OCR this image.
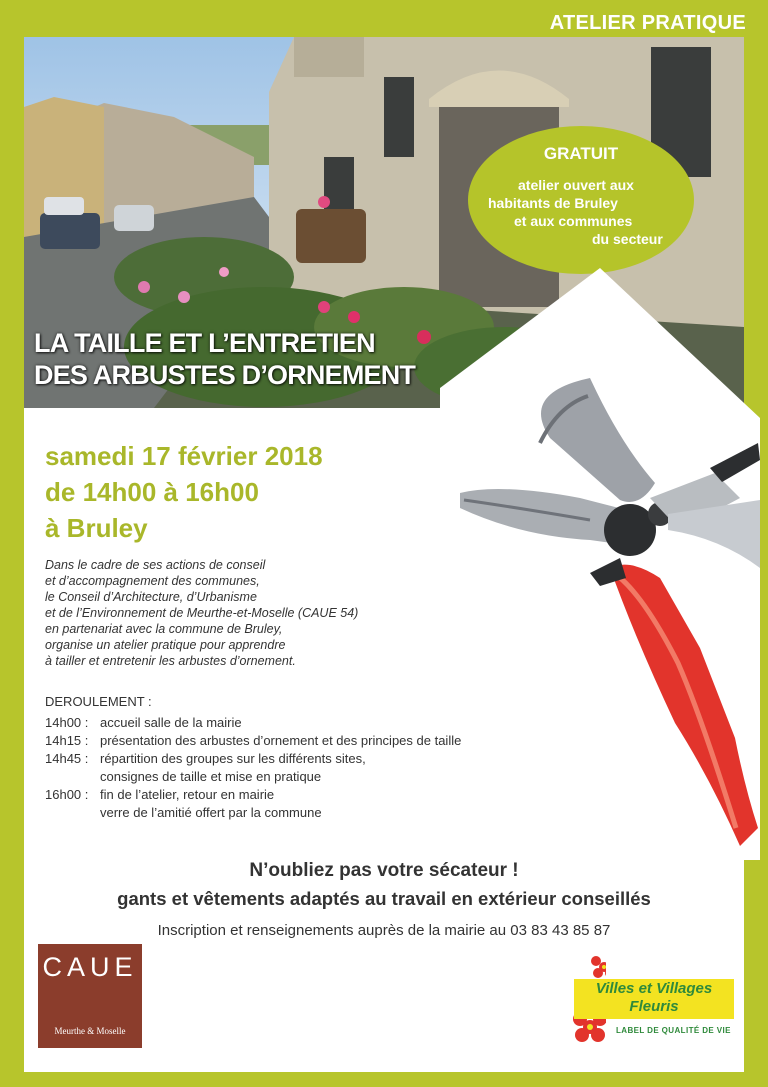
ATELIER PRATIQUE
LA TAILLE ET L’ENTRETIEN
DES ARBUSTES D’ORNEMENT
GRATUIT
atelier ouvert aux
habitants de Bruley
et aux communes
du secteur
samedi 17 février 2018
de 14h00 à 16h00
à Bruley
Dans le cadre de ses actions de conseil
et d’accompagnement des communes,
le Conseil d’Architecture, d’Urbanisme
et de l’Environnement de Meurthe-et-Moselle (CAUE 54)
en partenariat avec la commune de Bruley,
organise un atelier pratique pour apprendre
à tailler et entretenir les arbustes d’ornement.
DEROULEMENT :
14h00 : accueil salle de la mairie
14h15 : présentation des arbustes d’ornement et des principes de taille
14h45 : répartition des groupes sur les différents sites,
consignes de taille et mise en pratique
16h00 : fin de l’atelier, retour en mairie
verre de l’amitié offert par la commune
N’oubliez pas votre sécateur !
gants et vêtements adaptés au travail en extérieur conseillés
Inscription et renseignements auprès de la mairie au 03 83 43 85 87
CAUE
Meurthe & Moselle
Villes et Villages
Fleuris
LABEL DE QUALITÉ DE VIE
